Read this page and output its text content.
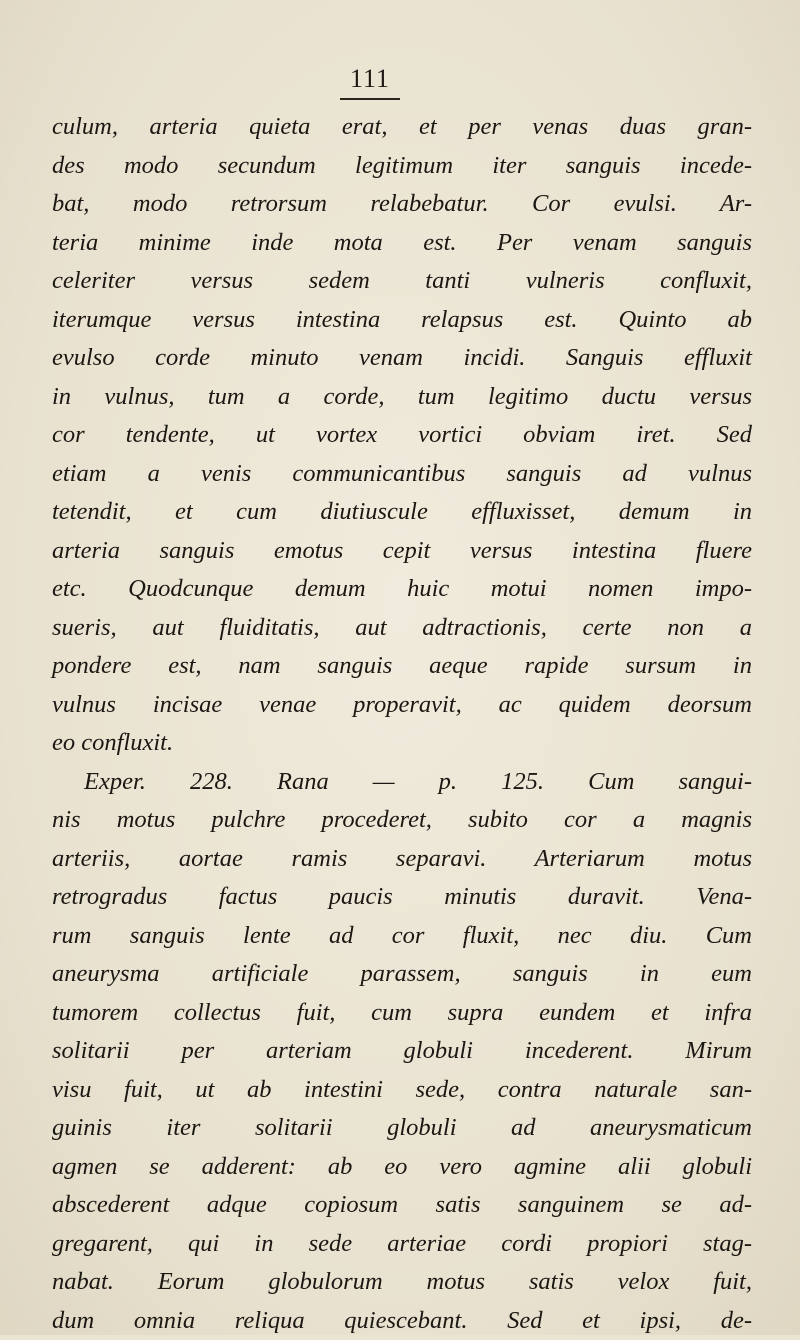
111
culum, arteria quieta erat, et per venas duas gran-
des modo secundum legitimum iter sanguis incede-
bat, modo retrorsum relabebatur. Cor evulsi. Ar-
teria minime inde mota est. Per venam sanguis
celeriter versus sedem tanti vulneris confluxit,
iterumque versus intestina relapsus est. Quinto ab
evulso corde minuto venam incidi. Sanguis effluxit
in vulnus, tum a corde, tum legitimo ductu versus
cor tendente, ut vortex vortici obviam iret. Sed
etiam a venis communicantibus sanguis ad vulnus
tetendit, et cum diutiuscule effluxisset, demum in
arteria sanguis emotus cepit versus intestina fluere
etc. Quodcunque demum huic motui nomen impo-
sueris, aut fluiditatis, aut adtractionis, certe non a
pondere est, nam sanguis aeque rapide sursum in
vulnus incisae venae properavit, ac quidem deorsum
eo confluxit.
Exper. 228. Rana — p. 125. Cum sangui-
nis motus pulchre procederet, subito cor a magnis
arteriis, aortae ramis separavi. Arteriarum motus
retrogradus factus paucis minutis duravit. Vena-
rum sanguis lente ad cor fluxit, nec diu. Cum
aneurysma artificiale parassem, sanguis in eum
tumorem collectus fuit, cum supra eundem et infra
solitarii per arteriam globuli incederent. Mirum
visu fuit, ut ab intestini sede, contra naturale san-
guinis iter solitarii globuli ad aneurysmaticum
agmen se adderent: ab eo vero agmine alii globuli
abscederent adque copiosum satis sanguinem se ad-
gregarent, qui in sede arteriae cordi propiori stag-
nabat. Eorum globulorum motus satis velox fuit,
dum omnia reliqua quiescebant. Sed et ipsi, de-
